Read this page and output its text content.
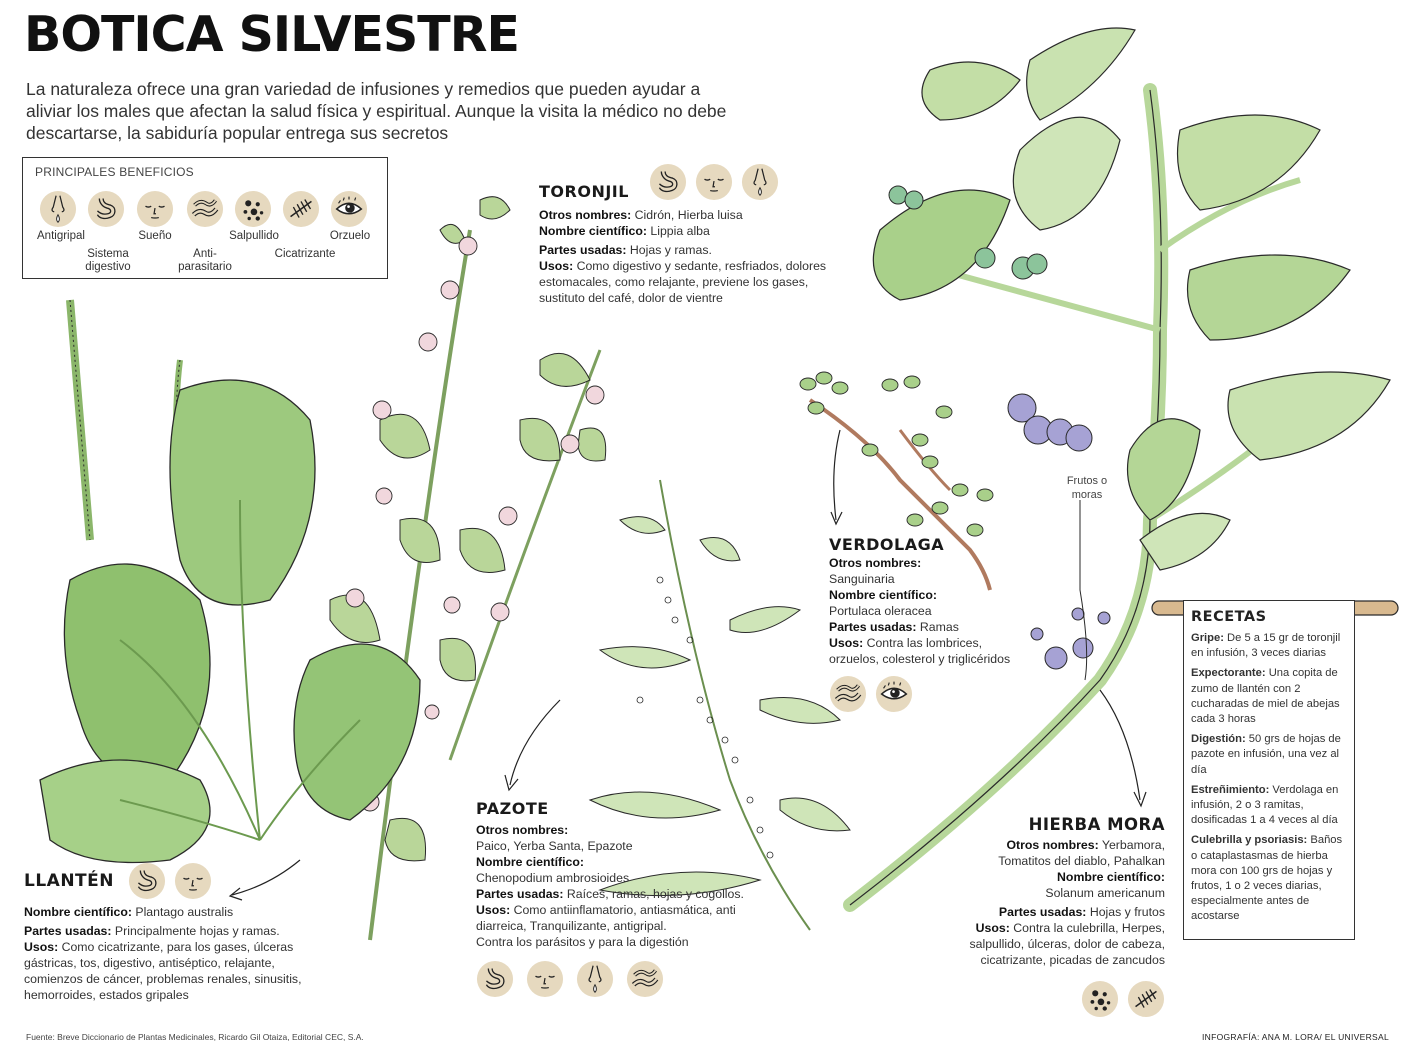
BOTICA SILVESTRE
La naturaleza ofrece una gran variedad de infusiones y remedios que pueden ayudar a aliviar los males que afectan la salud física y espiritual. Aunque la visita la médico no debe descartarse, la sabiduría popular entrega sus secretos
PRINCIPALES BENEFICIOS
Antigripal
Sistema digestivo
Sueño
Anti-parasitario
Salpullido
Cicatrizante
Orzuelo
TORONJIL
Otros nombres: Cidrón, Hierba luisa
Nombre científico: Lippia alba
Partes usadas: Hojas y ramas.
Usos: Como digestivo y sedante, resfriados, dolores estomacales, como relajante, previene los gases, sustituto del café, dolor de vientre
VERDOLAGA
Otros nombres:
Sanguinaria
Nombre científico:
Portulaca oleracea
Partes usadas: Ramas
Usos: Contra las lombrices, orzuelos, colesterol y triglicéridos
Frutos o moras
PAZOTE
Otros nombres:
Paico, Yerba Santa, Epazote
Nombre científico:
Chenopodium ambrosioides
Partes usadas: Raíces, ramas, hojas y cogollos.
Usos: Como antiinflamatorio, antiasmática, anti diarreica, Tranquilizante, antigripal.
Contra los parásitos y para la digestión
LLANTÉN
Nombre científico: Plantago australis
Partes usadas: Principalmente hojas y ramas.
Usos: Como cicatrizante, para los gases, úlceras gástricas, tos, digestivo, antiséptico, relajante, comienzos de cáncer, problemas renales, sinusitis, hemorroides, estados gripales
HIERBA MORA
Otros nombres: Yerbamora, Tomatitos del diablo, Pahalkan
Nombre científico:
Solanum americanum
Partes usadas: Hojas y frutos
Usos: Contra la culebrilla, Herpes, salpullido, úlceras, dolor de cabeza, cicatrizante, picadas de zancudos
RECETAS
Gripe: De 5 a 15 gr de toronjil en infusión, 3 veces diarias
Expectorante: Una copita de zumo de llantén con 2 cucharadas de miel de abejas cada 3 horas
Digestión: 50 grs de hojas de pazote en infusión, una vez al día
Estreñimiento: Verdolaga en infusión, 2 o 3 ramitas, dosificadas 1 a 4 veces al día
Culebrilla y psoriasis: Baños o cataplastasmas de hierba mora con 100 grs de hojas y frutos, 1 o 2 veces diarias, especialmente antes de acostarse
Fuente: Breve Diccionario de Plantas Medicinales, Ricardo Gil Otaiza, Editorial CEC, S.A.	INFOGRAFÍA: ANA M. LORA/ EL UNIVERSAL
